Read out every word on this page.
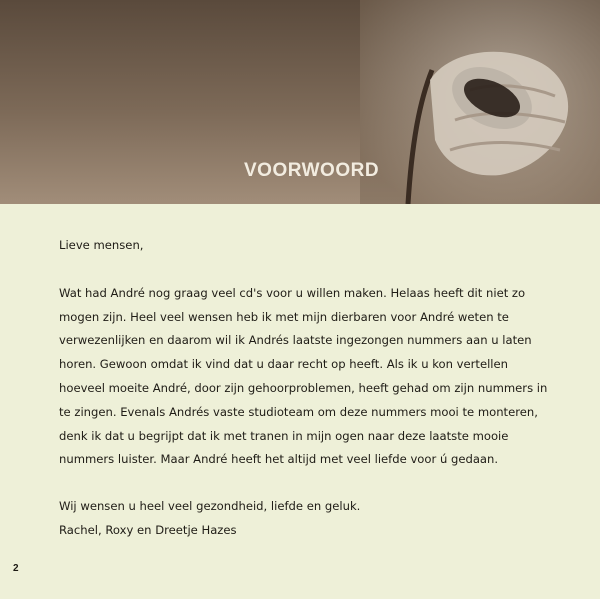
VOORWOORD

Lieve mensen,

Wat had André nog graag veel cd's voor u willen maken. Helaas heeft dit niet zo
mogen zijn. Heel veel wensen heb ik met mijn dierbaren voor André weten te
verwezenlijken en daarom wil ik Andrés laatste ingezongen nummers aan u laten
horen. Gewoon omdat ik vind dat u daar recht op heeft. Als ik u kon vertellen
hoeveel moeite André, door zijn gehoorproblemen, heeft gehad om zijn nummers in
te zingen. Evenals Andrés vaste studioteam om deze nummers mooi te monteren,
denk ik dat u begrijpt dat ik met tranen in mijn ogen naar deze laatste mooie
nummers luister. Maar André heeft het altijd met veel liefde voor ú gedaan.

Wij wensen u heel veel gezondheid, liefde en geluk.

Rachel, Roxy en Dreetje Hazes

2
